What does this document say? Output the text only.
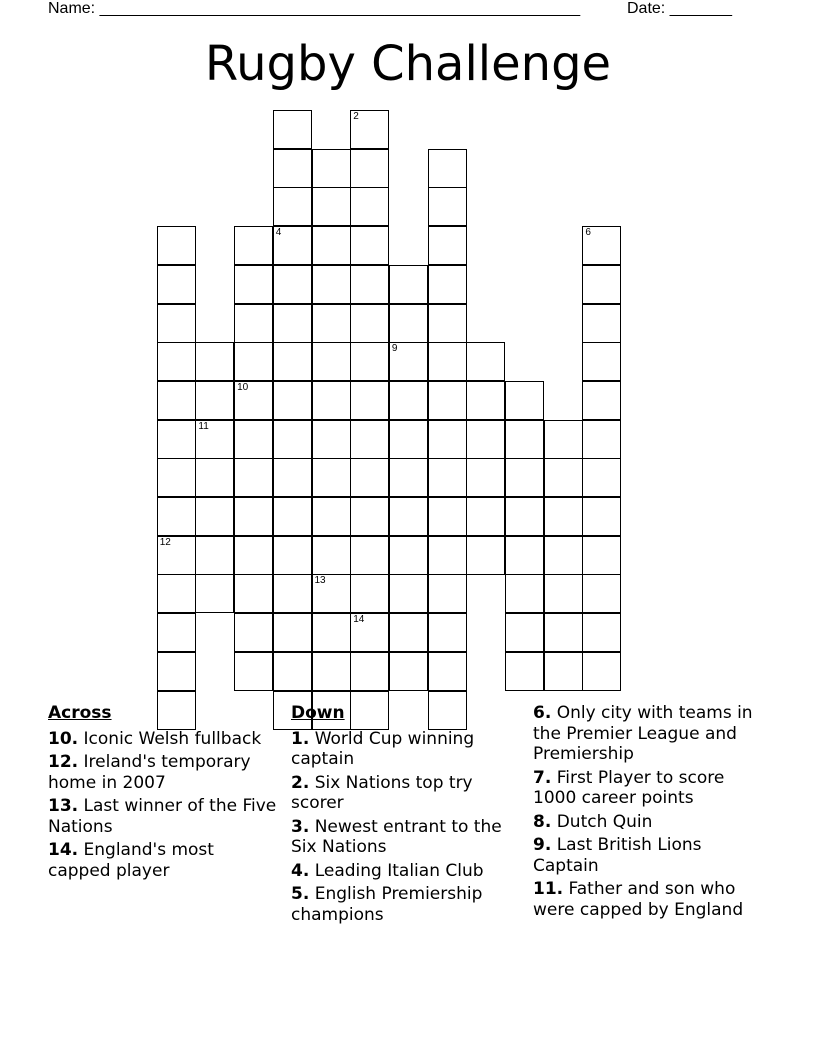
Name: ______________________________________________________	Date: _______
Rugby Challenge
12
11
10
4
13
2
14
9
6
Across
10. Iconic Welsh fullback
12. Ireland's temporary home in 2007
13. Last winner of the Five Nations
14. England's most capped player
Down
1. World Cup winning captain
2. Six Nations top try scorer
3. Newest entrant to the Six Nations
4. Leading Italian Club
5. English Premiership champions
6. Only city with teams in the Premier League and Premiership
7. First Player to score 1000 career points
8. Dutch Quin
9. Last British Lions Captain
11. Father and son who were capped by England
